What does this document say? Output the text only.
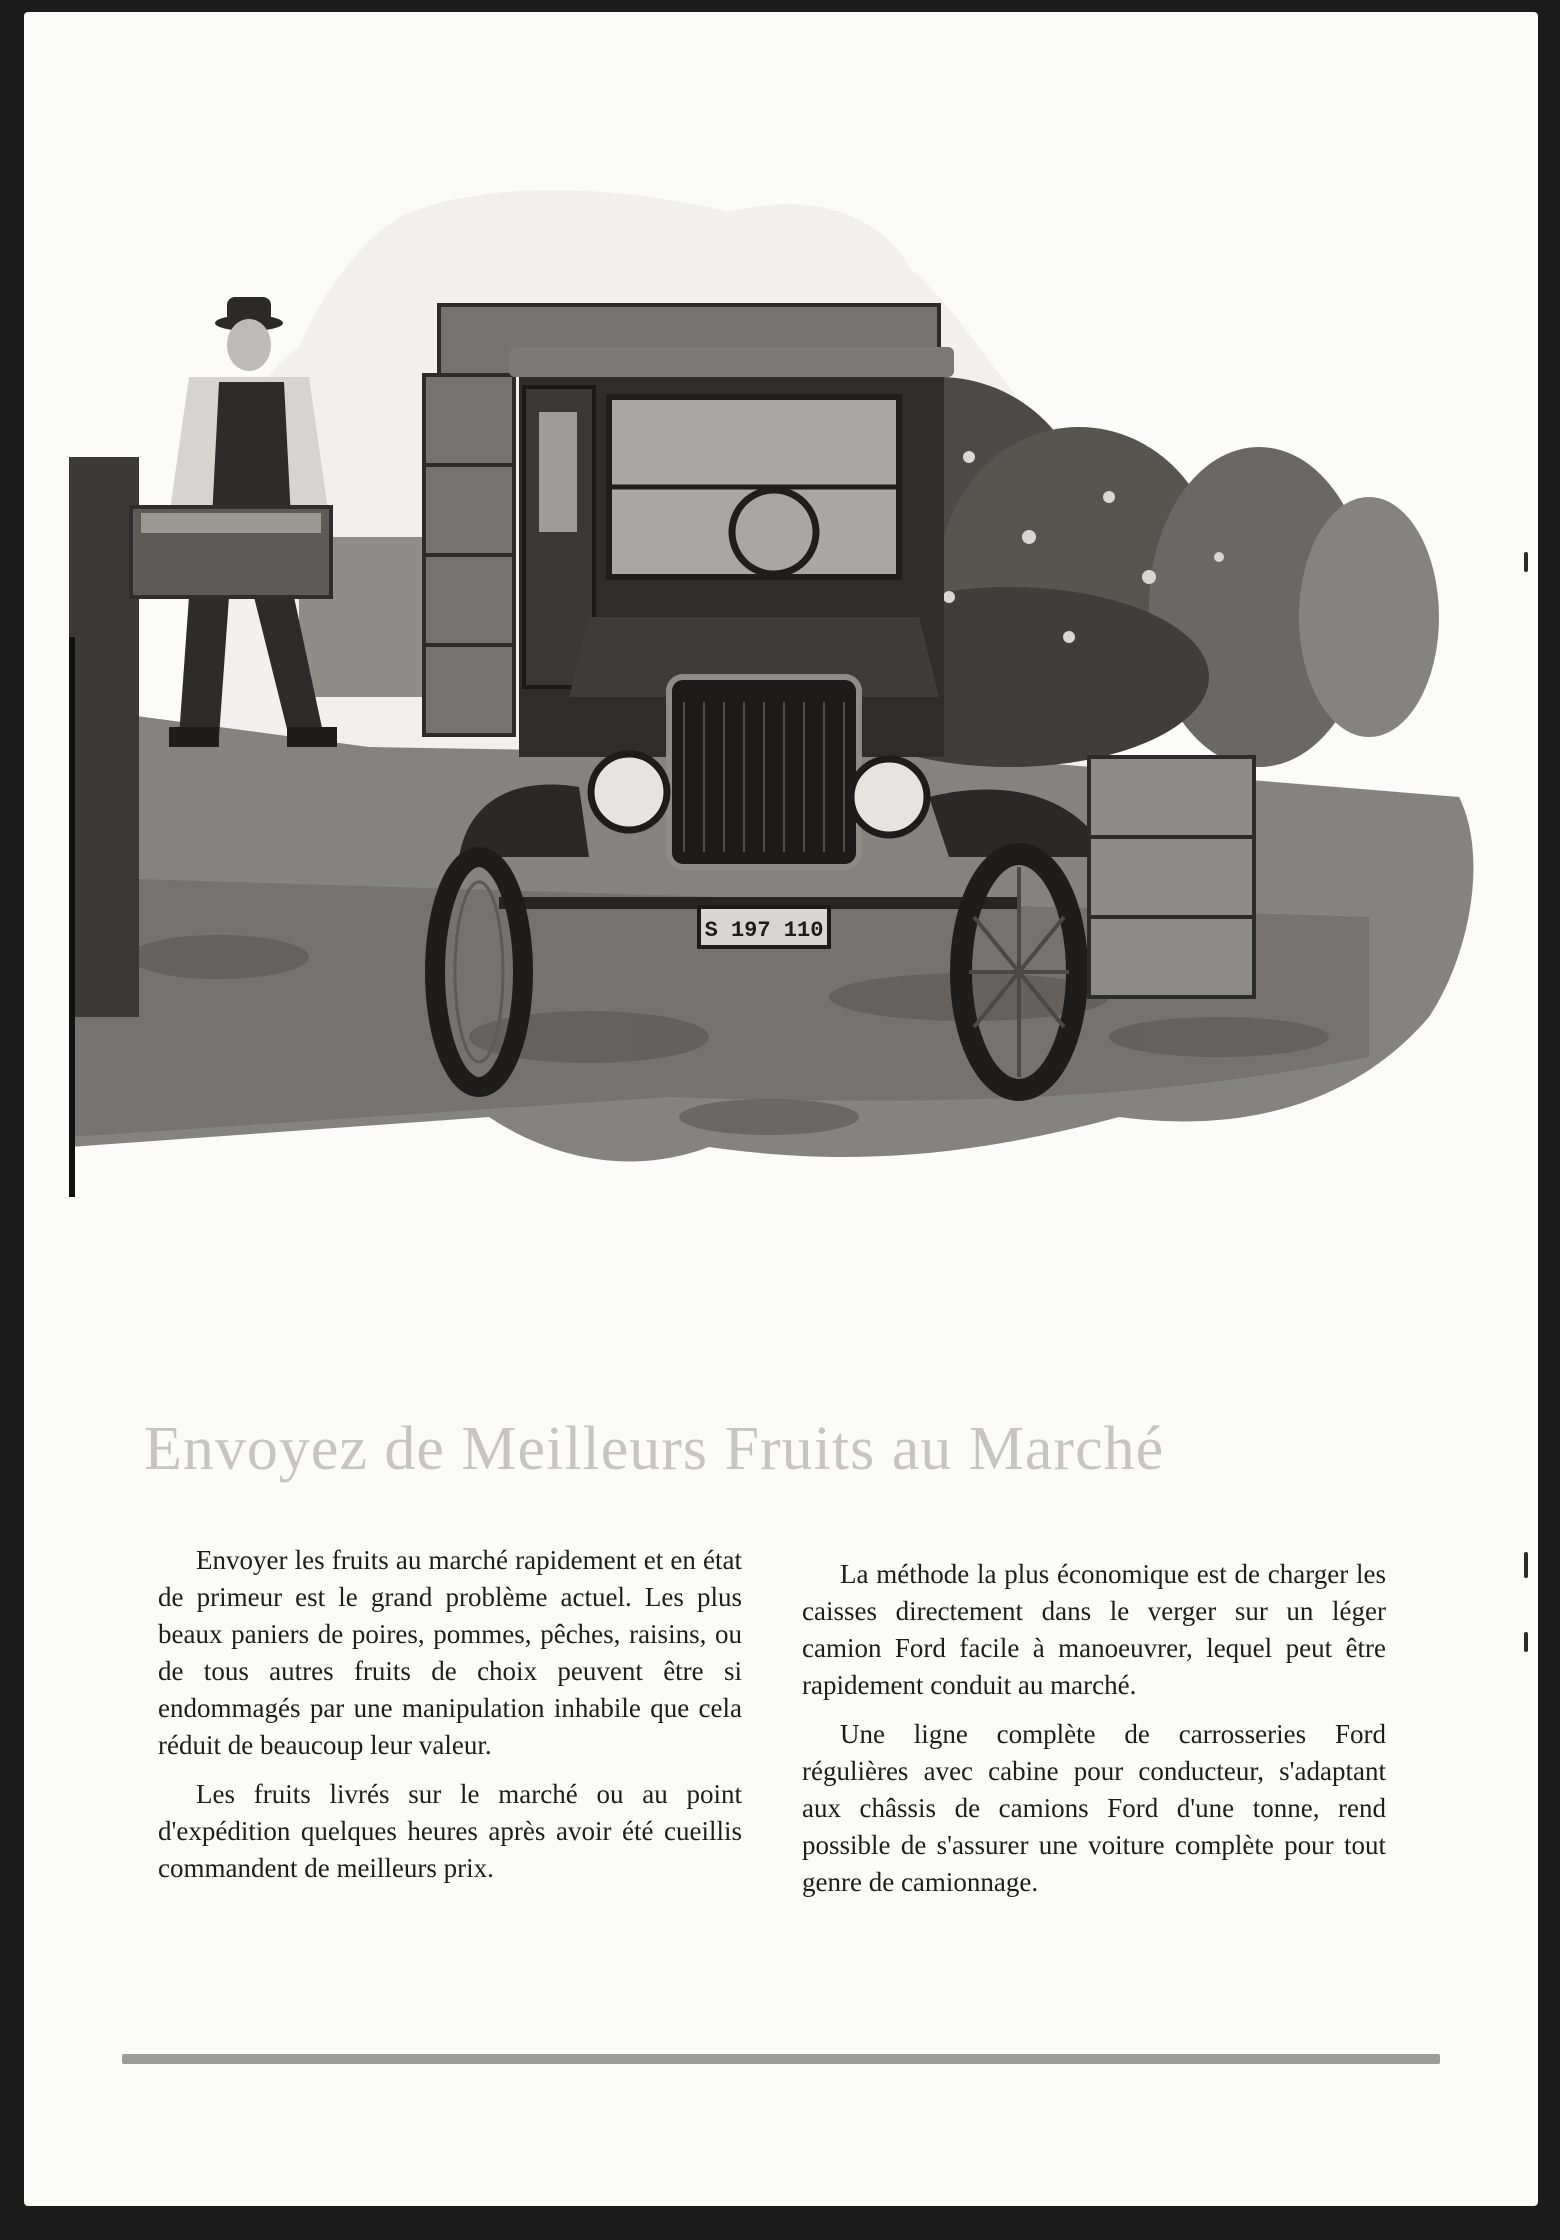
S 197 110
Envoyez de Meilleurs Fruits au Marché

Envoyer les fruits au marché rapidement et en état de primeur est le grand problème actuel. Les plus beaux paniers de poires, pommes, pêches, raisins, ou de tous autres fruits de choix peuvent être si endommagés par une manipulation inhabile que cela réduit de beaucoup leur valeur.

Les fruits livrés sur le marché ou au point d'expédition quelques heures après avoir été cueillis commandent de meilleurs prix.

La méthode la plus économique est de charger les caisses directement dans le verger sur un léger camion Ford facile à manoeuvrer, lequel peut être rapidement conduit au marché.

Une ligne complète de carrosseries Ford régulières avec cabine pour conducteur, s'adaptant aux châssis de camions Ford d'une tonne, rend possible de s'assurer une voiture complète pour tout genre de camionnage.
